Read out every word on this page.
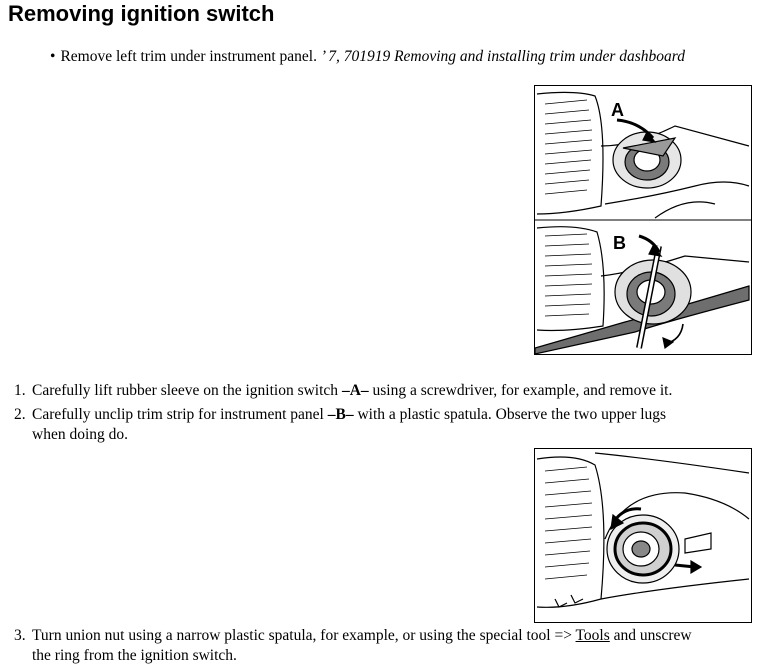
Removing ignition switch
• Remove left trim under instrument panel. ’ 7, 701919 Removing and installing trim under dashboard
A
B
1. Carefully lift rubber sleeve on the ignition switch –A– using a screwdriver, for example, and remove it.
2. Carefully unclip trim strip for instrument panel –B– with a plastic spatula. Observe the two upper lugs
when doing do.
3. Turn union nut using a narrow plastic spatula, for example, or using the special tool => Tools and unscrew
the ring from the ignition switch.
